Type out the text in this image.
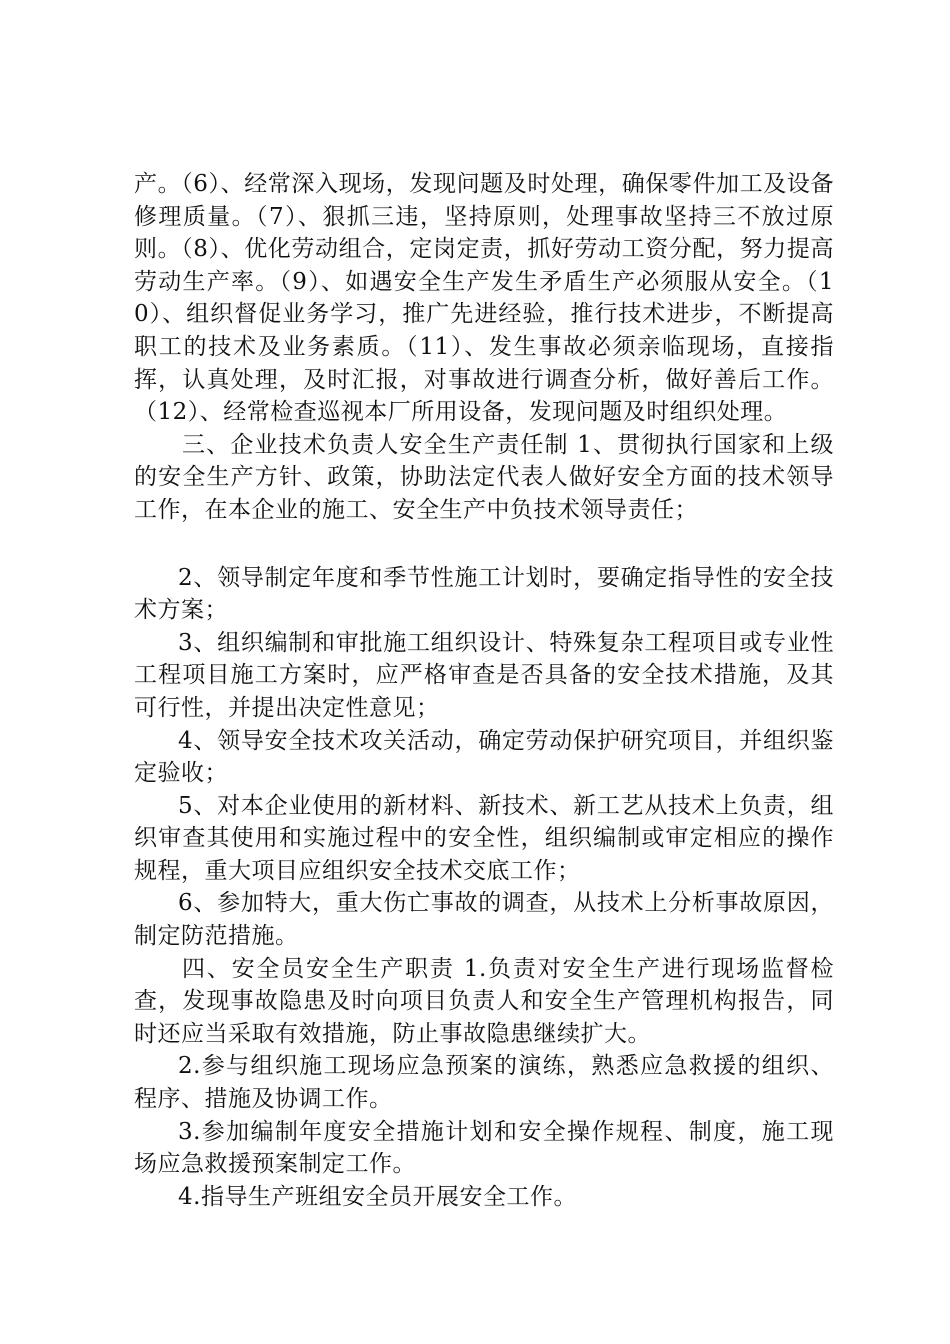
产。（6）、经常深入现场，发现问题及时处理，确保零件加工及设备修理质量。（7）、狠抓三违，坚持原则，处理事故坚持三不放过原则。（8）、优化劳动组合，定岗定责，抓好劳动工资分配，努力提高劳动生产率。（9）、如遇安全生产发生矛盾生产必须服从安全。（10）、组织督促业务学习，推广先进经验，推行技术进步，不断提高职工的技术及业务素质。（11）、发生事故必须亲临现场，直接指挥，认真处理，及时汇报，对事故进行调查分析，做好善后工作。（12）、经常检查巡视本厂所用设备，发现问题及时组织处理。

三、企业技术负责人安全生产责任制 1、贯彻执行国家和上级的安全生产方针、政策，协助法定代表人做好安全方面的技术领导工作，在本企业的施工、安全生产中负技术领导责任；

2、领导制定年度和季节性施工计划时，要确定指导性的安全技术方案；

3、组织编制和审批施工组织设计、特殊复杂工程项目或专业性工程项目施工方案时，应严格审查是否具备的安全技术措施，及其可行性，并提出决定性意见；

4、领导安全技术攻关活动，确定劳动保护研究项目，并组织鉴定验收；

5、对本企业使用的新材料、新技术、新工艺从技术上负责，组织审查其使用和实施过程中的安全性，组织编制或审定相应的操作规程，重大项目应组织安全技术交底工作；

6、参加特大，重大伤亡事故的调查，从技术上分析事故原因，制定防范措施。

四、安全员安全生产职责 1.负责对安全生产进行现场监督检查，发现事故隐患及时向项目负责人和安全生产管理机构报告，同时还应当采取有效措施，防止事故隐患继续扩大。

2.参与组织施工现场应急预案的演练，熟悉应急救援的组织、程序、措施及协调工作。

3.参加编制年度安全措施计划和安全操作规程、制度，施工现场应急救援预案制定工作。

4.指导生产班组安全员开展安全工作。
